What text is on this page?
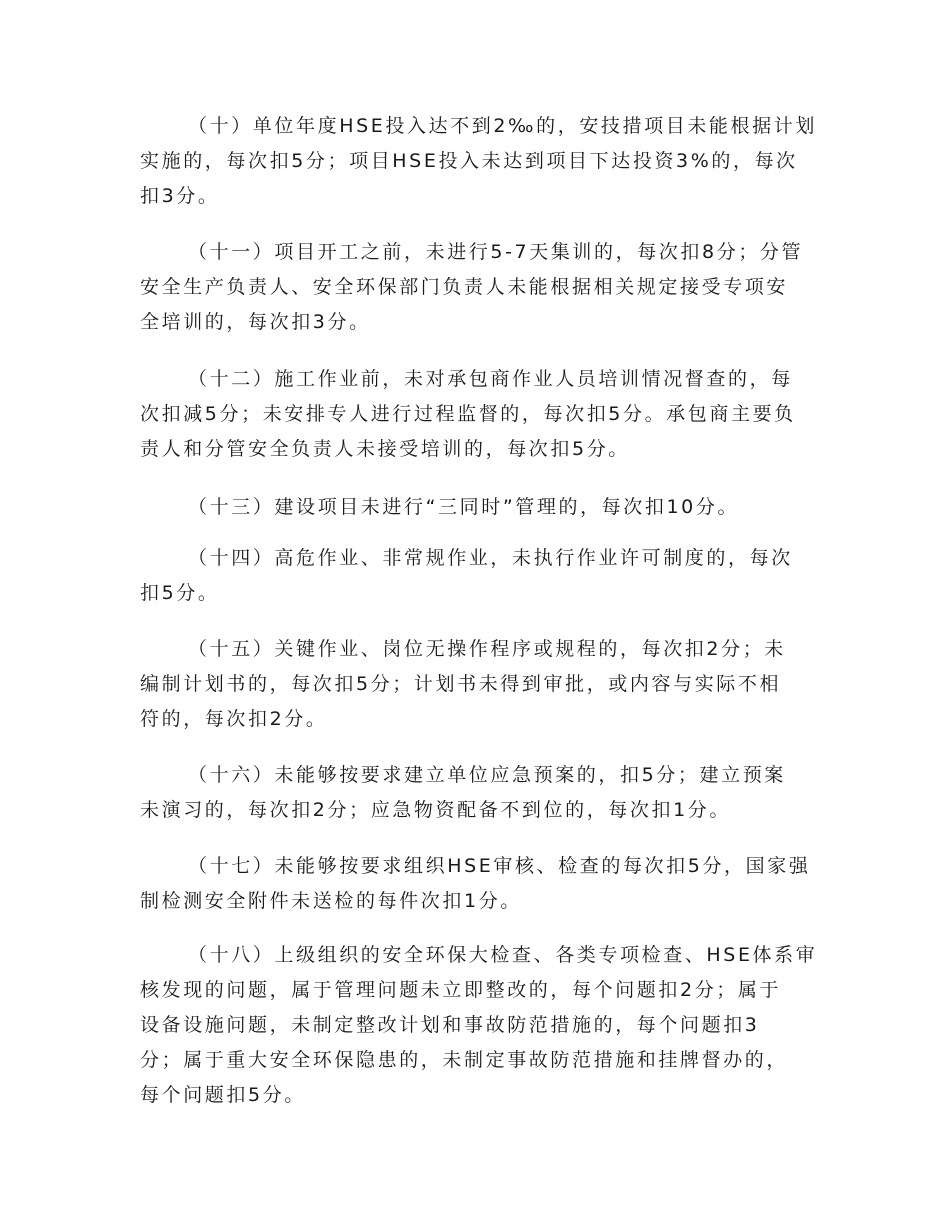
（十）单位年度HSE投入达不到2‰的，安技措项目未能根据计划
实施的，每次扣5分；项目HSE投入未达到项目下达投资3%的，每次
扣3分。
（十一）项目开工之前，未进行5-7天集训的，每次扣8分；分管
安全生产负责人、安全环保部门负责人未能根据相关规定接受专项安
全培训的，每次扣3分。
（十二）施工作业前，未对承包商作业人员培训情况督查的，每
次扣减5分；未安排专人进行过程监督的，每次扣5分。承包商主要负
责人和分管安全负责人未接受培训的，每次扣5分。
（十三）建设项目未进行“三同时”管理的，每次扣10分。
（十四）高危作业、非常规作业，未执行作业许可制度的，每次
扣5分。
（十五）关键作业、岗位无操作程序或规程的，每次扣2分；未
编制计划书的，每次扣5分；计划书未得到审批，或内容与实际不相
符的，每次扣2分。
（十六）未能够按要求建立单位应急预案的，扣5分；建立预案
未演习的，每次扣2分；应急物资配备不到位的，每次扣1分。
（十七）未能够按要求组织HSE审核、检查的每次扣5分，国家强
制检测安全附件未送检的每件次扣1分。
（十八）上级组织的安全环保大检查、各类专项检查、HSE体系审
核发现的问题，属于管理问题未立即整改的，每个问题扣2分；属于
设备设施问题，未制定整改计划和事故防范措施的，每个问题扣3
分；属于重大安全环保隐患的，未制定事故防范措施和挂牌督办的，
每个问题扣5分。
